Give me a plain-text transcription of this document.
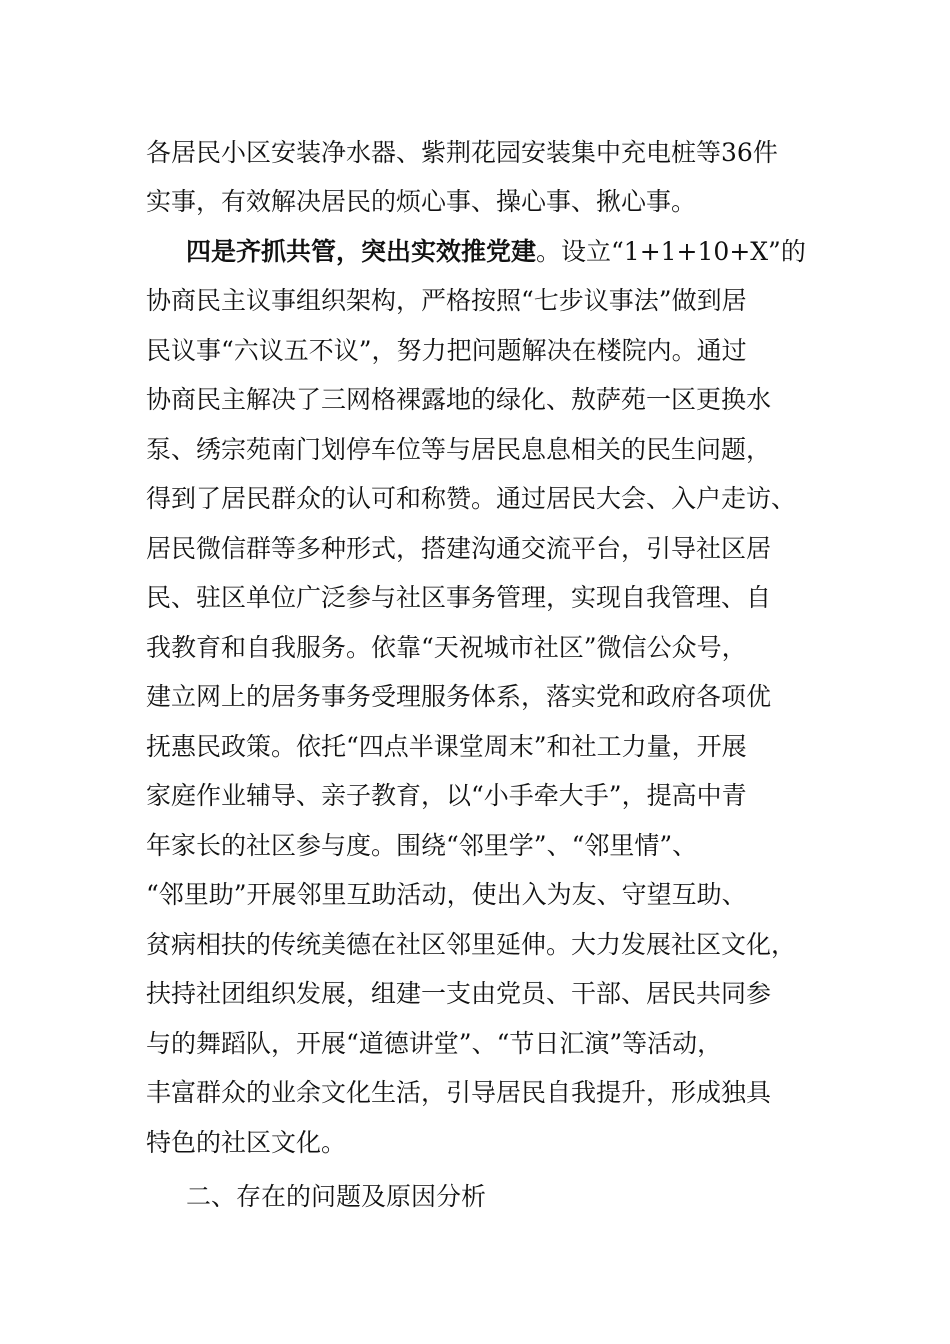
各居民小区安装净水器、紫荆花园安装集中充电桩等36件

实事，有效解决居民的烦心事、操心事、揪心事。

四是齐抓共管，突出实效推党建。设立“1+1+10+X”的

协商民主议事组织架构，严格按照“七步议事法”做到居

民议事“六议五不议”，努力把问题解决在楼院内。通过

协商民主解决了三网格裸露地的绿化、敖萨苑一区更换水

泵、绣宗苑南门划停车位等与居民息息相关的民生问题，

得到了居民群众的认可和称赞。通过居民大会、入户走访、

居民微信群等多种形式，搭建沟通交流平台，引导社区居

民、驻区单位广泛参与社区事务管理，实现自我管理、自

我教育和自我服务。依靠“天祝城市社区”微信公众号，

建立网上的居务事务受理服务体系，落实党和政府各项优

抚惠民政策。依托“四点半课堂周末”和社工力量，开展

家庭作业辅导、亲子教育，以“小手牵大手”，提高中青

年家长的社区参与度。围绕“邻里学”、“邻里情”、

“邻里助”开展邻里互助活动，使出入为友、守望互助、

贫病相扶的传统美德在社区邻里延伸。大力发展社区文化，

扶持社团组织发展，组建一支由党员、干部、居民共同参

与的舞蹈队，开展“道德讲堂”、“节日汇演”等活动，

丰富群众的业余文化生活，引导居民自我提升，形成独具

特色的社区文化。

二、存在的问题及原因分析
